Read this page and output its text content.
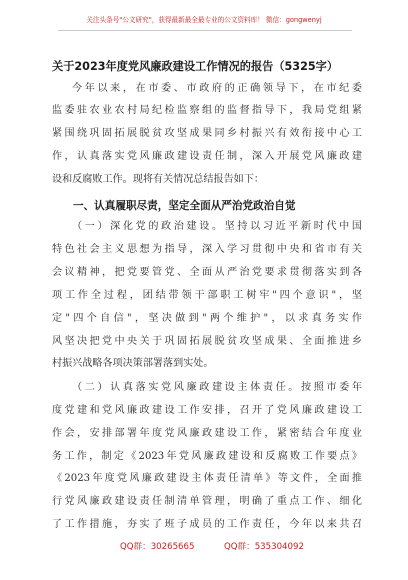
关注头条号"公文研究"，获得最新最全最专业的公文资料库！ 微信：gongwenyj
关于2023年度党风廉政建设工作情况的报告（5325字）
今年以来，在市委、市政府的正确领导下，在市纪委
监委驻农业农村局纪检监察组的监督指导下，我局党组紧
紧围绕巩固拓展脱贫攻坚成果同乡村振兴有效衔接中心工
作，认真落实党风廉政建设责任制，深入开展党风廉政建
设和反腐败工作。现将有关情况总结报告如下：
一、认真履职尽责，坚定全面从严治党政治自觉
（一）深化党的政治建设。坚持以习近平新时代中国
特色社会主义思想为指导，深入学习贯彻中央和省市有关
会议精神，把党要管党、全面从严治党要求贯彻落实到各
项工作全过程，团结带领干部职工树牢"四个意识"，坚
定"四个自信"，坚决做到"两个维护"，以求真务实作
风坚决把党中央关于巩固拓展脱贫攻坚成果、全面推进乡
村振兴战略各项决策部署落到实处。
（二）认真落实党风廉政建设主体责任。按照市委年
度党建和党风廉政建设工作安排，召开了党风廉政建设工
作会，安排部署年度党风廉政建设工作，紧密结合年度业
务工作，制定《2023年党风廉政建设和反腐败工作要点》
《2023年度党风廉政建设主体责任清单》等文件，全面推
行党风廉政建设责任制清单管理，明确了重点工作、细化
了工作措施，夯实了班子成员的工作责任，今年以来共召
QQ群：30265665	QQ群：535304092
